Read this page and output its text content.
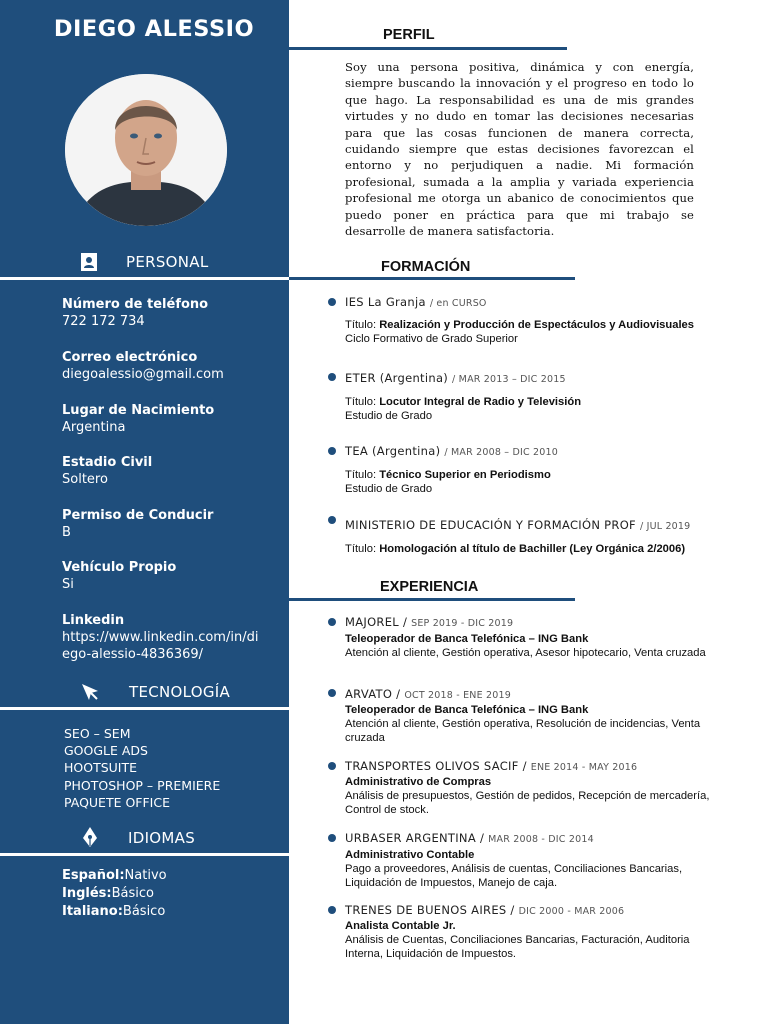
DIEGO ALESSIO
PERSONAL
Número de teléfono
722 172 734
Correo electrónico
diegoalessio@gmail.com
Lugar de Nacimiento
Argentina
Estadio Civil
Soltero
Permiso de Conducir
B
Vehículo Propio
Si
Linkedin
https://www.linkedin.com/in/diego-alessio-4836369/
TECNOLOGÍA
SEO – SEM
GOOGLE ADS
HOOTSUITE
PHOTOSHOP – PREMIERE
PAQUETE OFFICE
IDIOMAS
Español:Nativo
Inglés:Básico
Italiano:Básico
PERFIL
Soy una persona positiva, dinámica y con energía, siempre buscando la innovación y el progreso en todo lo que hago. La responsabilidad es una de mis grandes virtudes y no dudo en tomar las decisiones necesarias para que las cosas funcionen de manera correcta, cuidando siempre que estas decisiones favorezcan el entorno y no perjudiquen a nadie. Mi formación profesional, sumada a la amplia y variada experiencia profesional me otorga un abanico de conocimientos que puedo poner en práctica para que mi trabajo se desarrolle de manera satisfactoria.
FORMACIÓN
IES La Granja / en CURSO
Título: Realización y Producción de Espectáculos y Audiovisuales
Ciclo Formativo de Grado Superior
ETER (Argentina) / MAR 2013 – DIC 2015
Título: Locutor Integral de Radio y Televisión
Estudio de Grado
TEA (Argentina) / MAR 2008 – DIC 2010
Título: Técnico Superior en Periodismo
Estudio de Grado
MINISTERIO DE EDUCACIÓN Y FORMACIÓN PROF / JUL 2019
Título: Homologación al título de Bachiller (Ley Orgánica 2/2006)
EXPERIENCIA
MAJOREL / SEP 2019 - DIC 2019
Teleoperador de Banca Telefónica – ING Bank
Atención al cliente, Gestión operativa, Asesor hipotecario, Venta cruzada
ARVATO / OCT 2018 - ENE 2019
Teleoperador de Banca Telefónica – ING Bank
Atención al cliente, Gestión operativa, Resolución de incidencias, Venta cruzada
TRANSPORTES OLIVOS SACIF / ENE 2014 - MAY 2016
Administrativo de Compras
Análisis de presupuestos, Gestión de pedidos, Recepción de mercadería, Control de stock.
URBASER ARGENTINA / MAR 2008 - DIC 2014
Administrativo Contable
Pago a proveedores, Análisis de cuentas, Conciliaciones Bancarias, Liquidación de Impuestos, Manejo de caja.
TRENES DE BUENOS AIRES / DIC 2000 - MAR 2006
Analista Contable Jr.
Análisis de Cuentas, Conciliaciones Bancarias, Facturación, Auditoria Interna, Liquidación de Impuestos.
